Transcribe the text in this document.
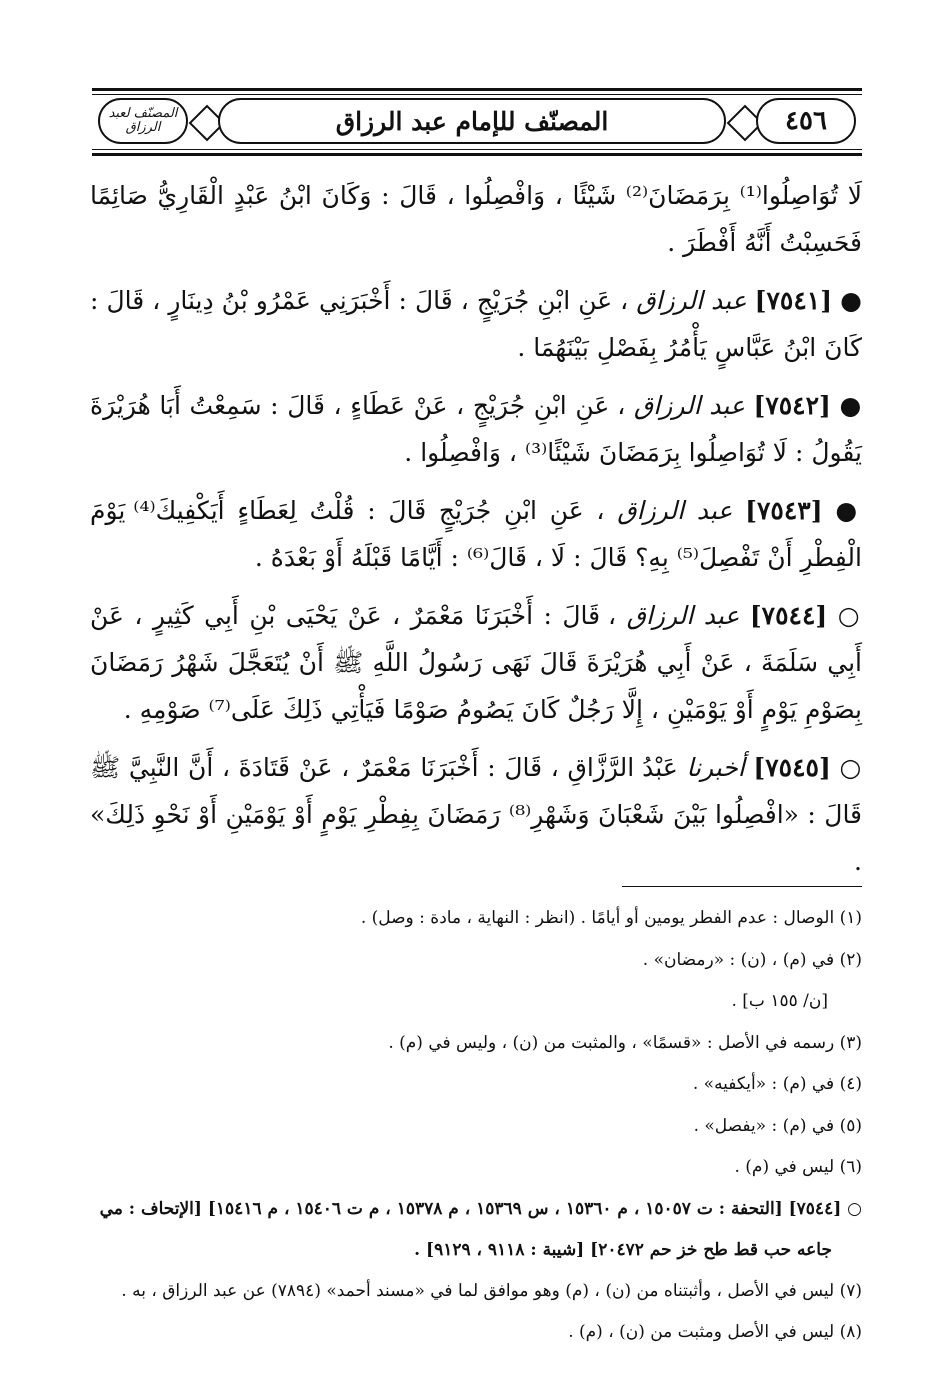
المصنّف لعبد الرزاق	المصنّف للإمام عبد الرزاق	٤٥٦

لَا تُوَاصِلُوا⁽¹⁾ بِرَمَضَانَ⁽²⁾ شَيْئًا ، وَافْصِلُوا ، قَالَ : وَكَانَ ابْنُ عَبْدٍ الْقَارِيُّ صَائِمًا فَحَسِبْتُ أَنَّهُ أَفْطَرَ .

● [٧٥٤١] عبد الرزاق ، عَنِ ابْنِ جُرَيْجٍ ، قَالَ : أَخْبَرَنِي عَمْرُو بْنُ دِينَارٍ ، قَالَ : كَانَ ابْنُ عَبَّاسٍ يَأْمُرُ بِفَصْلِ بَيْنَهُمَا .

● [٧٥٤٢] عبد الرزاق ، عَنِ ابْنِ جُرَيْجٍ ، عَنْ عَطَاءٍ ، قَالَ : سَمِعْتُ أَبَا هُرَيْرَةَ يَقُولُ : لَا تُوَاصِلُوا بِرَمَضَانَ شَيْئًا⁽³⁾ ، وَافْصِلُوا .

● [٧٥٤٣] عبد الرزاق ، عَنِ ابْنِ جُرَيْجٍ قَالَ : قُلْتُ لِعَطَاءٍ أَيَكْفِيكَ⁽⁴⁾ يَوْمَ الْفِطْرِ أَنْ تَفْصِلَ⁽⁵⁾ بِهِ؟ قَالَ : لَا ، قَالَ⁽⁶⁾ : أَيَّامًا قَبْلَهُ أَوْ بَعْدَهُ .

○ [٧٥٤٤] عبد الرزاق ، قَالَ : أَخْبَرَنَا مَعْمَرٌ ، عَنْ يَحْيَى بْنِ أَبِي كَثِيرٍ ، عَنْ أَبِي سَلَمَةَ ، عَنْ أَبِي هُرَيْرَةَ قَالَ نَهَى رَسُولُ اللَّهِ ﷺ أَنْ يُتَعَجَّلَ شَهْرُ رَمَضَانَ بِصَوْمِ يَوْمٍ أَوْ يَوْمَيْنِ ، إِلَّا رَجُلٌ كَانَ يَصُومُ صَوْمًا فَيَأْتِي ذَلِكَ عَلَى⁽⁷⁾ صَوْمِهِ .

○ [٧٥٤٥] أخبرنا عَبْدُ الرَّزَّاقِ ، قَالَ : أَخْبَرَنَا مَعْمَرٌ ، عَنْ قَتَادَةَ ، أَنَّ النَّبِيَّ ﷺ قَالَ : «افْصِلُوا بَيْنَ شَعْبَانَ وَشَهْرِ⁽⁸⁾ رَمَضَانَ بِفِطْرِ يَوْمٍ أَوْ يَوْمَيْنِ أَوْ نَحْوِ ذَلِكَ» .

(١) الوصال : عدم الفطر يومين أو أيامًا . (انظر : النهاية ، مادة : وصل) .

(٢) في (م) ، (ن) : «رمضان» .

[ن/ ١٥٥ ب] .

(٣) رسمه في الأصل : «قسمًا» ، والمثبت من (ن) ، وليس في (م) .

(٤) في (م) : «أيكفيه» .

(٥) في (م) : «يفصل» .

(٦) ليس في (م) .

○ [٧٥٤٤] [التحفة : ت ١٥٠٥٧ ، م ١٥٣٦٠ ، س ١٥٣٦٩ ، م ١٥٣٧٨ ، م ت ١٥٤٠٦ ، م ١٥٤١٦] [الإتحاف : مي

جاعه حب قط طح خز حم ٢٠٤٧٢] [شيبة : ٩١١٨ ، ٩١٢٩] .

(٧) ليس في الأصل ، وأثبتناه من (ن) ، (م) وهو موافق لما في «مسند أحمد» (٧٨٩٤) عن عبد الرزاق ، به .

(٨) ليس في الأصل ومثبت من (ن) ، (م) .
